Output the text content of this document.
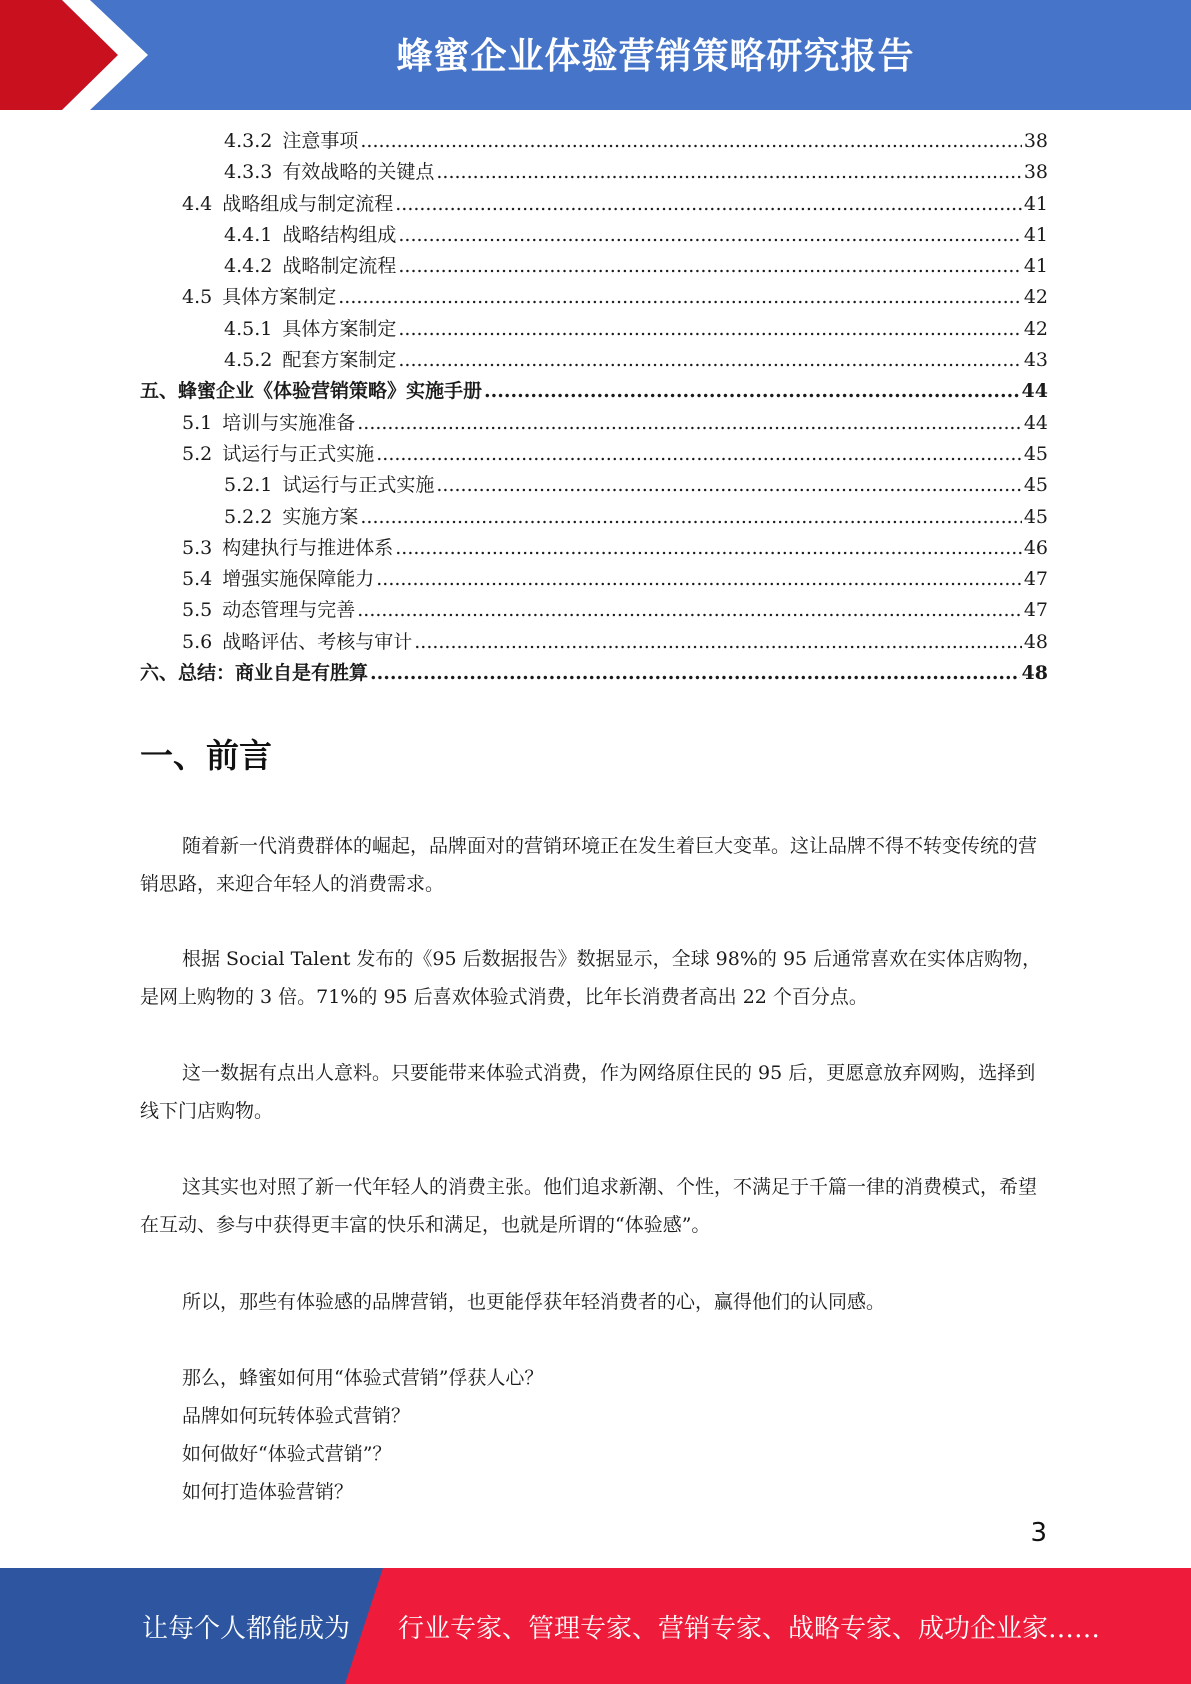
蜂蜜企业体验营销策略研究报告
4.3.2 注意事项 .....	38
4.3.3 有效战略的关键点 .....	38
4.4 战略组成与制定流程 .....	41
4.4.1 战略结构组成 .....	41
4.4.2 战略制定流程 .....	41
4.5 具体方案制定 .....	42
4.5.1 具体方案制定 .....	42
4.5.2 配套方案制定 .....	43
五、 蜂蜜企业《体验营销策略》实施手册 .....	44
5.1 培训与实施准备 .....	44
5.2 试运行与正式实施 .....	45
5.2.1 试运行与正式实施 .....	45
5.2.2 实施方案 .....	45
5.3 构建执行与推进体系 .....	46
5.4 增强实施保障能力 .....	47
5.5 动态管理与完善 .....	47
5.6 战略评估、考核与审计 .....	48
六、 总结：商业自是有胜算 .....	48
一、前言

随着新一代消费群体的崛起，品牌面对的营销环境正在发生着巨大变革。这让品牌不得不转变传统的营销思路，来迎合年轻人的消费需求。

根据 Social Talent 发布的《95 后数据报告》数据显示，全球 98%的 95 后通常喜欢在实体店购物，是网上购物的 3 倍。71%的 95 后喜欢体验式消费，比年长消费者高出 22 个百分点。

这一数据有点出人意料。只要能带来体验式消费，作为网络原住民的 95 后，更愿意放弃网购，选择到线下门店购物。

这其实也对照了新一代年轻人的消费主张。他们追求新潮、个性，不满足于千篇一律的消费模式，希望在互动、参与中获得更丰富的快乐和满足，也就是所谓的“体验感”。

所以，那些有体验感的品牌营销，也更能俘获年轻消费者的心，赢得他们的认同感。

那么，蜂蜜如何用“体验式营销”俘获人心？

品牌如何玩转体验式营销？

如何做好“体验式营销”？

如何打造体验营销？

3
让每个人都能成为 行业专家、管理专家、营销专家、战略专家、成功企业家……
